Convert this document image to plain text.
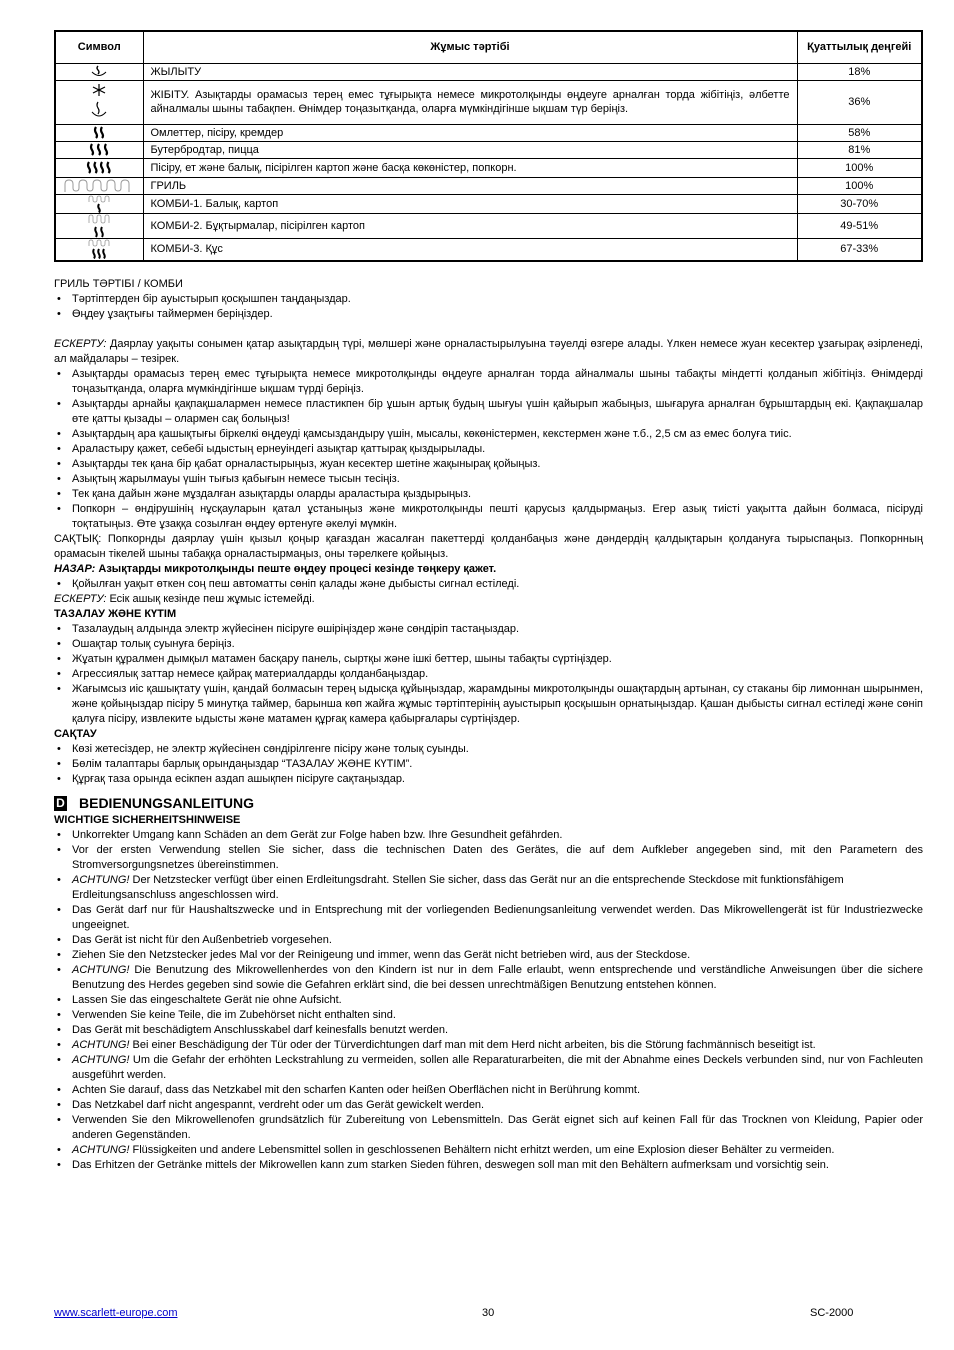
Символ	Жұмыс тәртібі	Қуаттылық деңгейі

	ЖЫЛЫТУ	18%

	ЖІБІТУ. Азықтарды орамасыз терең емес тұғырықта немесе микротолқынды өңдеуге арналған торда жібітіңіз, әлбетте айналмалы шыны табақпен. Өнімдер тоңазытқанда, оларға мүмкіндігінше ықшам түр беріңіз.	36%

	Омлеттер, пісіру, кремдер	58%

	Бутербродтар, пицца	81%

	Пісіру, ет және балық, пісірілген картоп және басқа көкөністер, попкорн.	100%

	ГРИЛЬ	100%

	КОМБИ-1. Балық, картоп	30-70%

	КОМБИ-2. Бұқтырмалар, пісірілген картоп	49-51%

	КОМБИ-3. Құс	67-33%

ГРИЛЬ ТӘРТІБІ / КОМБИ

• Тәртіптерден бір ауыстырып қосқышпен таңдаңыздар.
• Өңдеу ұзақтығы таймермен беріңіздер.

ЕСКЕРТУ: Даярлау уақыты сонымен қатар азықтардың түрі, мөлшері және орналастырылуына тәуелді өзгере алады. Үлкен немесе жуан кесектер ұзағырақ әзірленеді, ал майдалары – тезірек.

• Азықтарды орамасыз терең емес тұғырықта немесе микротолқынды өңдеуге арналған торда айналмалы шыны табақты міндетті қолданып жібітіңіз. Өнімдерді тоңазытқанда, оларға мүмкіндігінше ықшам түрді беріңіз.
• Азықтарды арнайы қақпақшалармен немесе пластикпен бір ұшын артық будың шығуы үшін қайырып жабыңыз, шығаруға арналған бұрыштардың екі. Қақпақшалар өте қатты қызады – олармен сақ болыңыз!
• Азықтардың ара қашықтығы біркелкі өңдеуді қамсыздандыру үшін, мысалы, көкөністермен, кекстермен және т.б., 2,5 см аз емес болуға тиіс.
• Араластыру қажет, себебі ыдыстың ернеуіндегі азықтар қаттырақ қыздырылады.
• Азықтарды тек қана бір қабат орналастырыңыз, жуан кесектер шетіне жақынырақ қойыңыз.
• Азықтың жарылмауы үшін тығыз қабығын немесе тысын тесіңіз.
• Тек қана дайын және мұздалған азықтарды оларды араластыра қыздырыңыз.
• Попкорн – өндірушінің нұсқауларын қатал ұстаныңыз және микротолқынды пешті қарусыз қалдырмаңыз. Егер азық тиісті уақытта дайын болмаса, пісіруді тоқтатыңыз. Өте ұзаққа созылған өңдеу өртенуге әкелуі мүмкін.

САҚТЫҚ: Попкорнды даярлау үшін қызыл қоңыр қағаздан жасалған пакеттерді қолданбаңыз және дәндердің қалдықтарын қолдануға тырыспаңыз. Попкорнның орамасын тікелей шыны табаққа орналастырмаңыз, оны тәрелкеге қойыңыз.

НАЗАР: Азықтарды микротолқынды пеште өңдеу процесі кезінде төңкеру қажет.

• Қойылған уақыт өткен соң пеш автоматты сөніп қалады және дыбысты сигнал естіледі.

ЕСКЕРТУ: Есік ашық кезінде пеш жұмыс істемейді.

ТАЗАЛАУ ЖӘНЕ КҮТІМ

• Тазалаудың алдында электр жүйесінен пісіруге өшіріңіздер және сөндіріп тастаңыздар.
• Ошақтар толық суынуға беріңіз.
• Жұатын құралмен дымқыл матамен басқару панель, сыртқы және ішкі беттер, шыны табақты сүртіңіздер.
• Агрессиялық заттар немесе қайрақ материалдарды қолданбаңыздар.
• Жағымсыз иіс қашықтату үшін, қандай болмасын терең ыдысқа құйыңыздар, жарамдыны микротолқынды ошақтардың артынан, су стаканы бір лимоннан шырынмен, және қойыңыздар пісіру 5 минутқа таймер, барынша көп жайға жұмыс тәртіптерінің ауыстырып қосқышын орнатыңыздар. Қашан дыбысты сигнал естіледі және сөніп қалуға пісіру, извлеките ыдысты және матамен құрғақ камера қабырғалары сүртіңіздер.

САҚТАУ

• Көзі жетесіздер, не электр жүйесінен сөндірілгенге пісіру және толық суынды.
• Бөлім талаптары барлық орындаңыздар “ТАЗАЛАУ ЖӘНЕ КҮТІМ”.
• Құрғақ таза орында есікпен аздап ашықпен пісіруге сақтаңыздар.
D BEDIENUNGSANLEITUNG

WICHTIGE SICHERHEITSHINWEISE

• Unkorrekter Umgang kann Schäden an dem Gerät zur Folge haben bzw. Ihre Gesundheit gefährden.
• Vor der ersten Verwendung stellen Sie sicher, dass die technischen Daten des Gerätes, die auf dem Aufkleber angegeben sind, mit den Parametern des Stromversorgungsnetzes übereinstimmen.
• ACHTUNG! Der Netzstecker verfügt über einen Erdleitungsdraht. Stellen Sie sicher, dass das Gerät nur an die entsprechende Steckdose mit funktionsfähigem
Erdleitungsanschluss angeschlossen wird.
• Das Gerät darf nur für Haushaltszwecke und in Entsprechung mit der vorliegenden Bedienungsanleitung verwendet werden. Das Mikrowellengerät ist für Industriezwecke ungeeignet.
• Das Gerät ist nicht für den Außenbetrieb vorgesehen.
• Ziehen Sie den Netzstecker jedes Mal vor der Reinigeung und immer, wenn das Gerät nicht betrieben wird, aus der Steckdose.
• ACHTUNG! Die Benutzung des Mikrowellenherdes von den Kindern ist nur in dem Falle erlaubt, wenn entsprechende und verständliche Anweisungen über die sichere Benutzung des Herdes gegeben sind sowie die Gefahren erklärt sind, die bei dessen unrechtmäßigen Benutzung entstehen können.
• Lassen Sie das eingeschaltete Gerät nie ohne Aufsicht.
• Verwenden Sie keine Teile, die im Zubehörset nicht enthalten sind.
• Das Gerät mit beschädigtem Anschlusskabel darf keinesfalls benutzt werden.
• ACHTUNG! Bei einer Beschädigung der Tür oder der Türverdichtungen darf man mit dem Herd nicht arbeiten, bis die Störung fachmännisch beseitigt ist.
• ACHTUNG! Um die Gefahr der erhöhten Leckstrahlung zu vermeiden, sollen alle Reparaturarbeiten, die mit der Abnahme eines Deckels verbunden sind, nur von Fachleuten ausgeführt werden.
• Achten Sie darauf, dass das Netzkabel mit den scharfen Kanten oder heißen Oberflächen nicht in Berührung kommt.
• Das Netzkabel darf nicht angespannt, verdreht oder um das Gerät gewickelt werden.
• Verwenden Sie den Mikrowellenofen grundsätzlich für Zubereitung von Lebensmitteln. Das Gerät eignet sich auf keinen Fall für das Trocknen von Kleidung, Papier oder anderen Gegenständen.
• ACHTUNG! Flüssigkeiten und andere Lebensmittel sollen in geschlossenen Behältern nicht erhitzt werden, um eine Explosion dieser Behälter zu vermeiden.
• Das Erhitzen der Getränke mittels der Mikrowellen kann zum starken Sieden führen, deswegen soll man mit den Behältern aufmerksam und vorsichtig sein.
www.scarlett-europe.com	30	SC-2000
